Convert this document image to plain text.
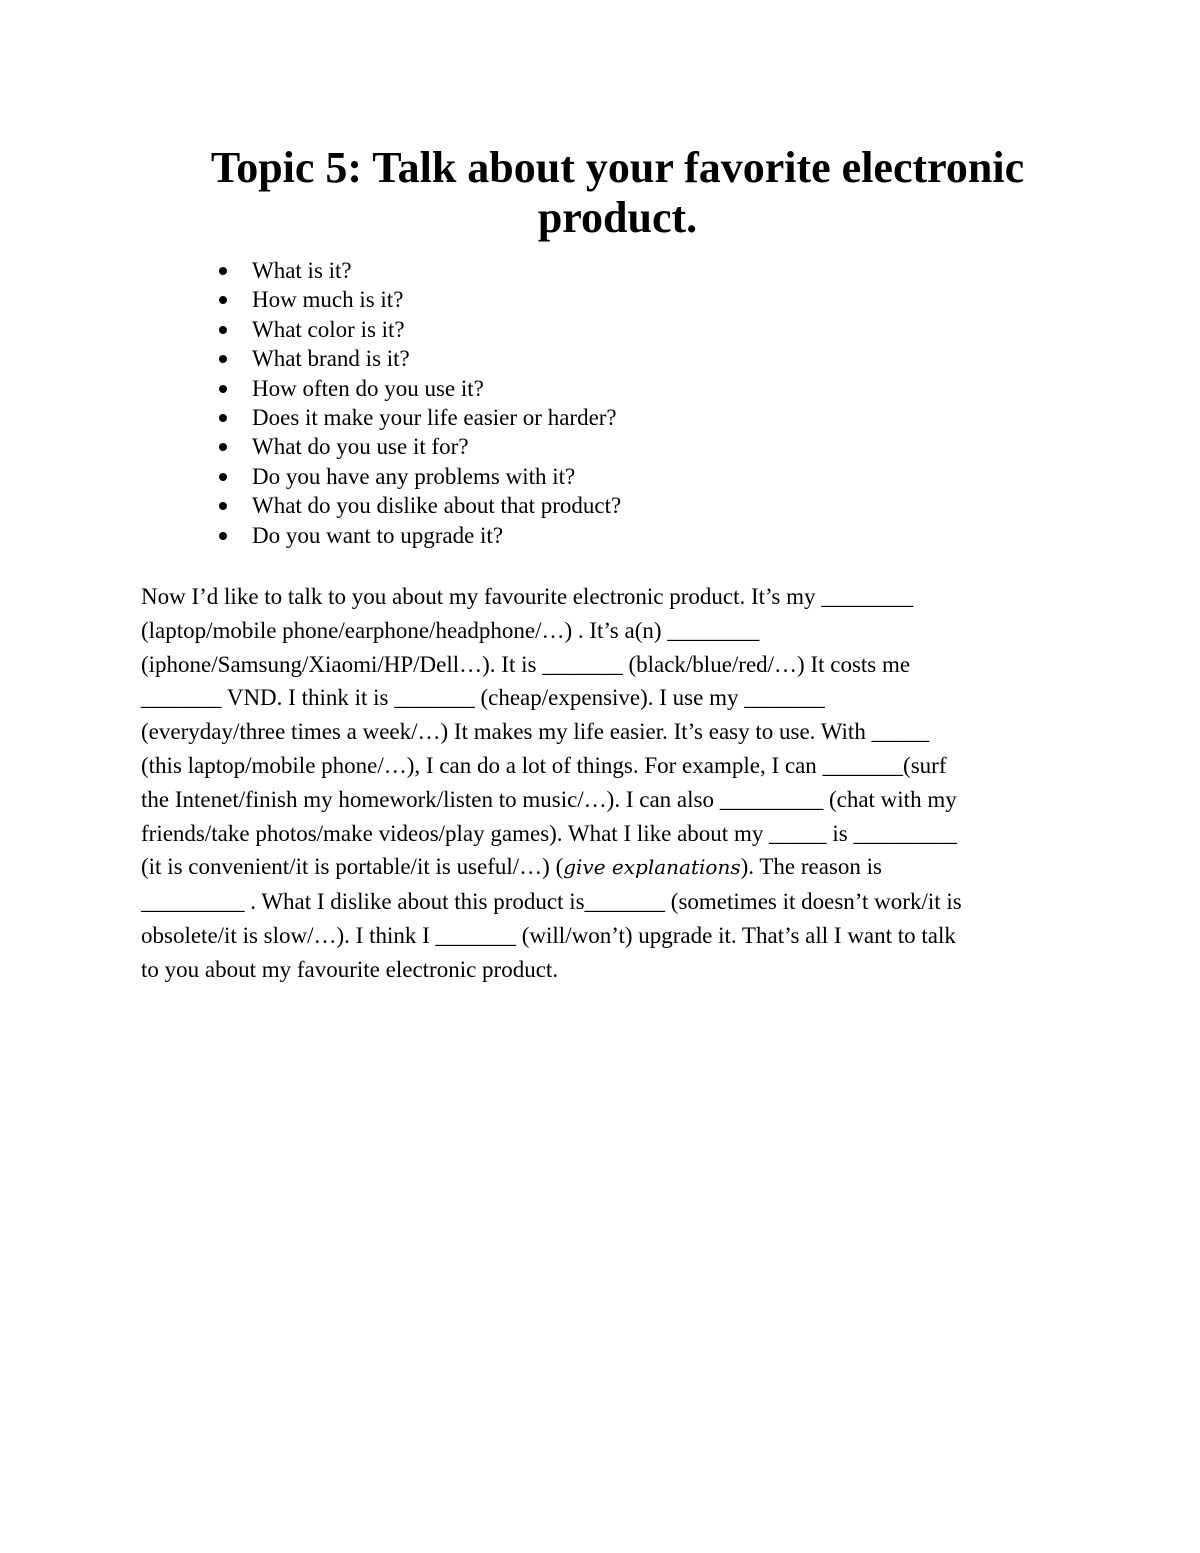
Topic 5: Talk about your favorite electronic product.
What is it?
How much is it?
What color is it?
What brand is it?
How often do you use it?
Does it make your life easier or harder?
What do you use it for?
Do you have any problems with it?
What do you dislike about that product?
Do you want to upgrade it?

Now I’d like to talk to you about my favourite electronic product. It’s my ________
(laptop/mobile phone/earphone/headphone/…) . It’s a(n) ________
(iphone/Samsung/Xiaomi/HP/Dell…). It is _______ (black/blue/red/…) It costs me
_______ VND. I think it is _______ (cheap/expensive). I use my _______
(everyday/three times a week/…) It makes my life easier. It’s easy to use. With _____
(this laptop/mobile phone/…), I can do a lot of things. For example, I can _______(surf
the Intenet/finish my homework/listen to music/…). I can also _________ (chat with my
friends/take photos/make videos/play games). What I like about my _____ is _________
(it is convenient/it is portable/it is useful/…) (give explanations). The reason is
_________ . What I dislike about this product is_______ (sometimes it doesn’t work/it is
obsolete/it is slow/…). I think I _______ (will/won’t) upgrade it. That’s all I want to talk
to you about my favourite electronic product.
